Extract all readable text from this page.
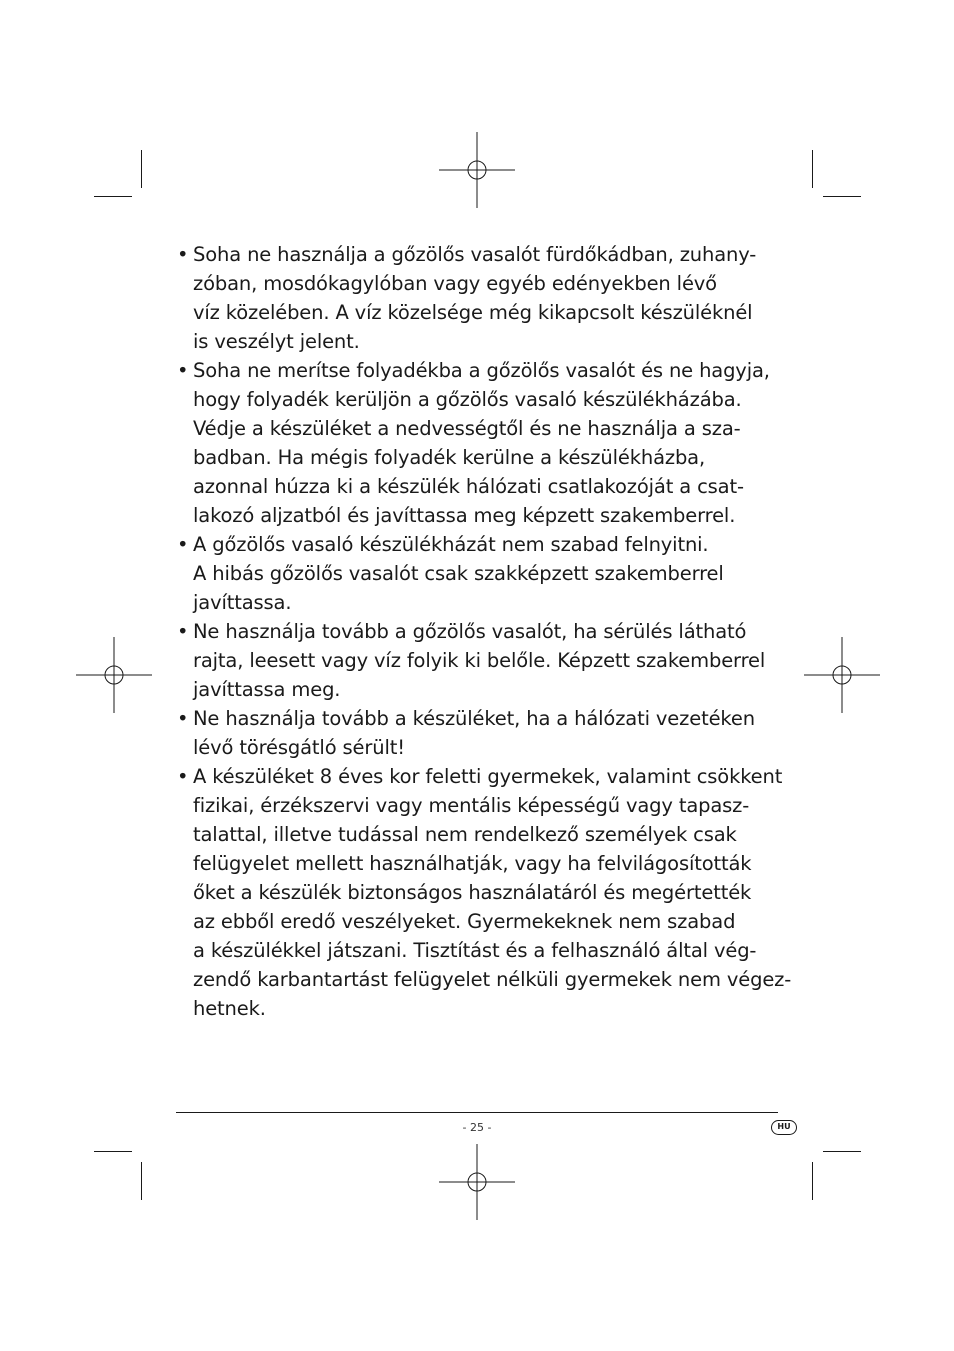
• Soha ne használja a gőzölős vasalót fürdőkádban, zuhany-
zóban, mosdókagylóban vagy egyéb edényekben lévő
víz közelében. A víz közelsége még kikapcsolt készüléknél
is veszélyt jelent.
• Soha ne merítse folyadékba a gőzölős vasalót és ne hagyja,
hogy folyadék kerüljön a gőzölős vasaló készülékházába.
Védje a készüléket a nedvességtől és ne használja a sza-
badban. Ha mégis folyadék kerülne a készülékházba,
azonnal húzza ki a készülék hálózati csatlakozóját a csat-
lakozó aljzatból és javíttassa meg képzett szakemberrel.
• A gőzölős vasaló készülékházát nem szabad felnyitni.
A hibás gőzölős vasalót csak szakképzett szakemberrel
javíttassa.
• Ne használja tovább a gőzölős vasalót, ha sérülés látható
rajta, leesett vagy víz folyik ki belőle. Képzett szakemberrel
javíttassa meg.
• Ne használja tovább a készüléket, ha a hálózati vezetéken
lévő törésgátló sérült!
• A készüléket 8 éves kor feletti gyermekek, valamint csökkent
fizikai, érzékszervi vagy mentális képességű vagy tapasz-
talattal, illetve tudással nem rendelkező személyek csak
felügyelet mellett használhatják, vagy ha felvilágosították
őket a készülék biztonságos használatáról és megértették
az ebből eredő veszélyeket. Gyermekeknek nem szabad
a készülékkel játszani. Tisztítást és a felhasználó által vég-
zendő karbantartást felügyelet nélküli gyermekek nem végez-
hetnek.
- 25 -	HU
